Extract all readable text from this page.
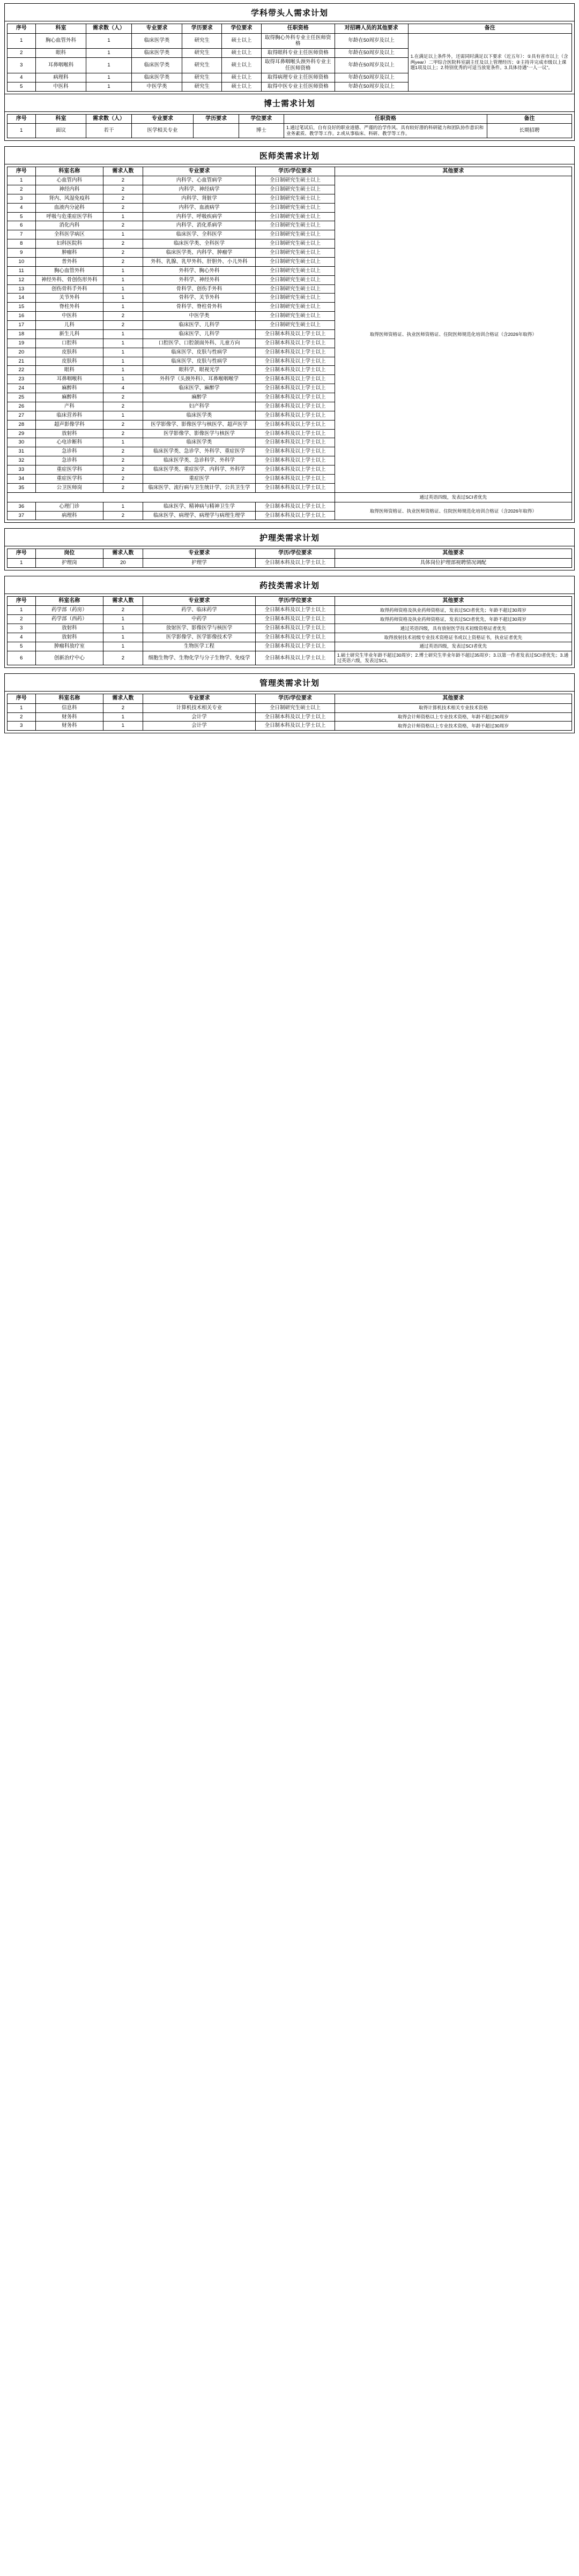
学科带头人需求计划
序号	科室	需求数（人）	专业要求	学历要求	学位要求	任职资格	对招聘人员的其他要求	备注
1	胸心血管外科	1	临床医学类	研究生	硕士以上	取得胸心外科专业主任医师资格	年龄在50周岁及以上	1.在满足以上条件外，还需同时满足以下要求（近五年）：①具有省市以上（含两year）二甲综合医院科室副主任及以上管理经历；②主持并完成市级以上课题1项及以上；2.特别优秀的可适当放宽条件。3.具体待遇“一人一议”。
2	眼科	1	临床医学类	研究生	硕士以上	取得眼科专业主任医师资格	年龄在50周岁及以上	
3	耳鼻咽喉科	1	临床医学类	研究生	硕士以上	取得耳鼻咽喉头颈外科专业主任医师资格	年龄在50周岁及以上	
4	病理科	1	临床医学类	研究生	硕士以上	取得病理专业主任医师资格	年龄在50周岁及以上	
5	中医科	1	中医学类	研究生	硕士以上	取得中医专业主任医师资格	年龄在50周岁及以上	
博士需求计划
序号	科室	需求数（人）	专业要求	学历要求	学位要求	任职资格	备注
1	面议	若干	医学相关专业		博士	1.通过笔试后，自有良好的职业道德、严谨的治学作风、具有较好潜的科研能力和团队协作意识和业务素质、教学等工作。2.或从事临床、科研、教学等工作。	长期招聘
医师类需求计划
序号	科室名称	需求人数	专业要求	学历/学位要求	其他要求
1	心血管内科	2	内科学、心血管病学	全日制研究生硕士以上	取得医师资格证、执业医师资格证、住院医师规范化培训合格证（含2026年取得）
2	神经内科	2	内科学、神经病学	全日制研究生硕士以上	
3	肾内、风湿免疫科	2	内科学、肾脏学	全日制研究生硕士以上	
4	血液内分泌科	2	内科学、血液病学	全日制研究生硕士以上	
5	呼吸与危重症医学科	1	内科学、呼吸疾病学	全日制研究生硕士以上	
6	消化内科	2	内科学、消化系病学	全日制研究生硕士以上	
7	全科医学病区	1	临床医学、全科医学	全日制研究生硕士以上	
8	妇科医院科	2	临床医学类、全科医学	全日制研究生硕士以上	
9	肿瘤科	2	临床医学类、内科学、肿瘤学	全日制研究生硕士以上	
10	普外科	2	外科、乳腺、乳甲外科、肝胆外、小儿外科	全日制研究生硕士以上	
11	胸心血管外科	1	外科学、胸心外科	全日制研究生硕士以上	
12	神经外科、骨创伤形外科	1	外科学、神经外科	全日制研究生硕士以上	
13	创伤骨科手外科	1	骨科学、创伤手外科	全日制研究生硕士以上	
14	关节外科	1	骨科学、关节外科	全日制研究生硕士以上	
15	脊柱外科	1	骨科学、脊柱骨外科	全日制研究生硕士以上	
16	中医科	2	中医学类	全日制研究生硕士以上	
17	儿科	2	临床医学、儿科学	全日制研究生硕士以上	
18	新生儿科	1	临床医学、儿科学	全日制本科及以上学士以上	
19	口腔科	1	口腔医学、口腔颌面外科、儿童方向	全日制本科及以上学士以上	
20	皮肤科	1	临床医学、皮肤与性病学	全日制本科及以上学士以上	
21	皮肤科	1	临床医学、皮肤与性病学	全日制本科及以上学士以上	
22	眼科	1	眼科学、眼视光学	全日制本科及以上学士以上	
23	耳鼻咽喉科	1	外科学（头颈外科）、耳鼻喉咽喉学	全日制本科及以上学士以上	
24	麻醉科	4	临床医学、麻醉学	全日制本科及以上学士以上	
25	麻醉科	2	麻醉学	全日制本科及以上学士以上	
26	产科	2	妇产科学	全日制本科及以上学士以上	
27	临床营养科	1	临床医学类	全日制本科及以上学士以上	
28	超声影像学科	2	医学影像学、影像医学与核医学、超声医学	全日制本科及以上学士以上	
29	放射科	2	医学影像学、影像医学与核医学	全日制本科及以上学士以上	
30	心电诊断科	1	临床医学类	全日制本科及以上学士以上	
31	急诊科	2	临床医学类、急诊学、外科学、重症医学	全日制本科及以上学士以上	
32	急诊科	2	临床医学类、急诊科学、外科学	全日制本科及以上学士以上	
33	重症医学科	2	临床医学类、重症医学、内科学、外科学	全日制本科及以上学士以上	
34	重症医学科	2	重症医学	全日制本科及以上学士以上	
35	公卫医师岗	2	临床医学、流行病与卫生统计学、公共卫生学	全日制本科及以上学士以上	
					通过英语四级，发表过SCI者优先
36	心理门诊	1	临床医学、精神病与精神卫生学	全日制本科及以上学士以上	取得医师资格证、执业医师资格证、住院医师规范化培训合格证（含2026年取得）
37	病理科	2	临床医学、病理学、病理学与病理生理学	全日制本科及以上学士以上	
护理类需求计划
序号	岗位	需求人数	专业要求	学历/学位要求	其他要求
1	护理岗	20	护理学	全日制本科及以上学士以上	具体岗位护理部视聘情况调配
药技类需求计划
序号	科室名称	需求人数	专业要求	学历/学位要求	其他要求
1	药学部（药房）	2	药学、临床药学	全日制本科及以上学士以上	取得药师资格及执业药师资格证，发表过SCI者优先；年龄不超过30周岁
2	药学部（西药）	1	中药学	全日制本科及以上学士以上	取得药师资格及执业药师资格证，发表过SCI者优先，年龄不超过30周岁
3	放射科	1	放射医学、影像医学与核医学	全日制本科及以上学士以上	通过英语四级，具有放射医学技术初级资格证者优先
4	放射科	1	医学影像学、医学影像技术学	全日制本科及以上学士以上	取得放射技术初级专业技术资格证书或以上资格证书，执业证者优先
5	肿瘤科放疗室	1	生物医学工程	全日制本科及以上学士以上	通过英语四级，发表过SCI者优先
6	创新治疗中心	2	细胞生物学、生物化学与分子生物学、免疫学	全日制本科及以上学士以上	1.硕士研究生毕业年龄不超过30周岁；2.博士研究生毕业年龄不超过35周岁；3.以第一作者发表过SCI者优先；3.通过英语六级，发表过SCI。
管理类需求计划
序号	科室名称	需求人数	专业要求	学历/学位要求	其他要求
1	信息科	2	计算机技术相关专业	全日制研究生硕士以上	取得计算机技术相关专业技术资格
2	财务科	1	会计学	全日制本科及以上学士以上	取得会计师资格以上专业技术资格，年龄不超过30周岁
3	财务科	1	会计学	全日制本科及以上学士以上	取得会计师资格以上专业技术资格，年龄不超过30周岁
